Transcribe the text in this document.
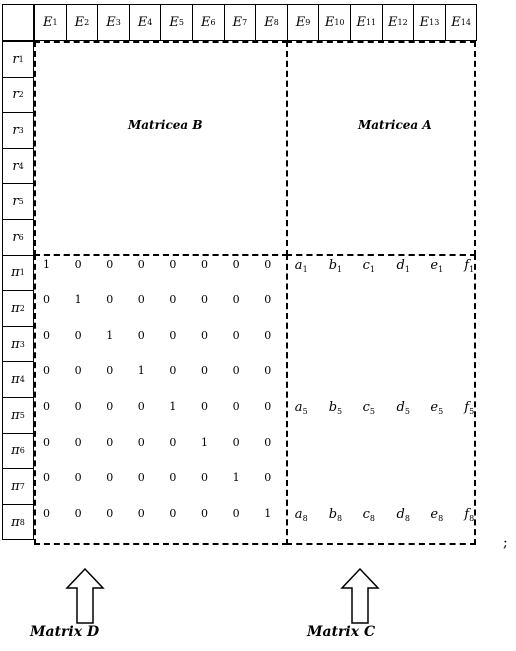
Matricea B	Matricea A
;
Matrix D	Matrix C
E 1 E 2 E 3 E 4 E 5 E 6 E 7 E 8 E 9 E 10 E 11 E 12 E 13 E 14
r 1
r 2
r 3
r 4
r 5
r 6
π 1
π 2
π 3
π 4
π 5
π 6
π 7
π 8
1 0 0 0 0 0 0 0
0 1 0 0 0 0 0 0
0 0 1 0 0 0 0 0
0 0 0 1 0 0 0 0
0 0 0 0 1 0 0 0
0 0 0 0 0 1 0 0
0 0 0 0 0 0 1 0
0 0 0 0 0 0 0 1
$a_1$ $b_1$ $c_1$ $d_1$ $e_1$ $f_1$
$a_5$ $b_5$ $c_5$ $d_5$ $e_5$ $f_5$
$a_8$ $b_8$ $c_8$ $d_8$ $e_8$ $f_8$
